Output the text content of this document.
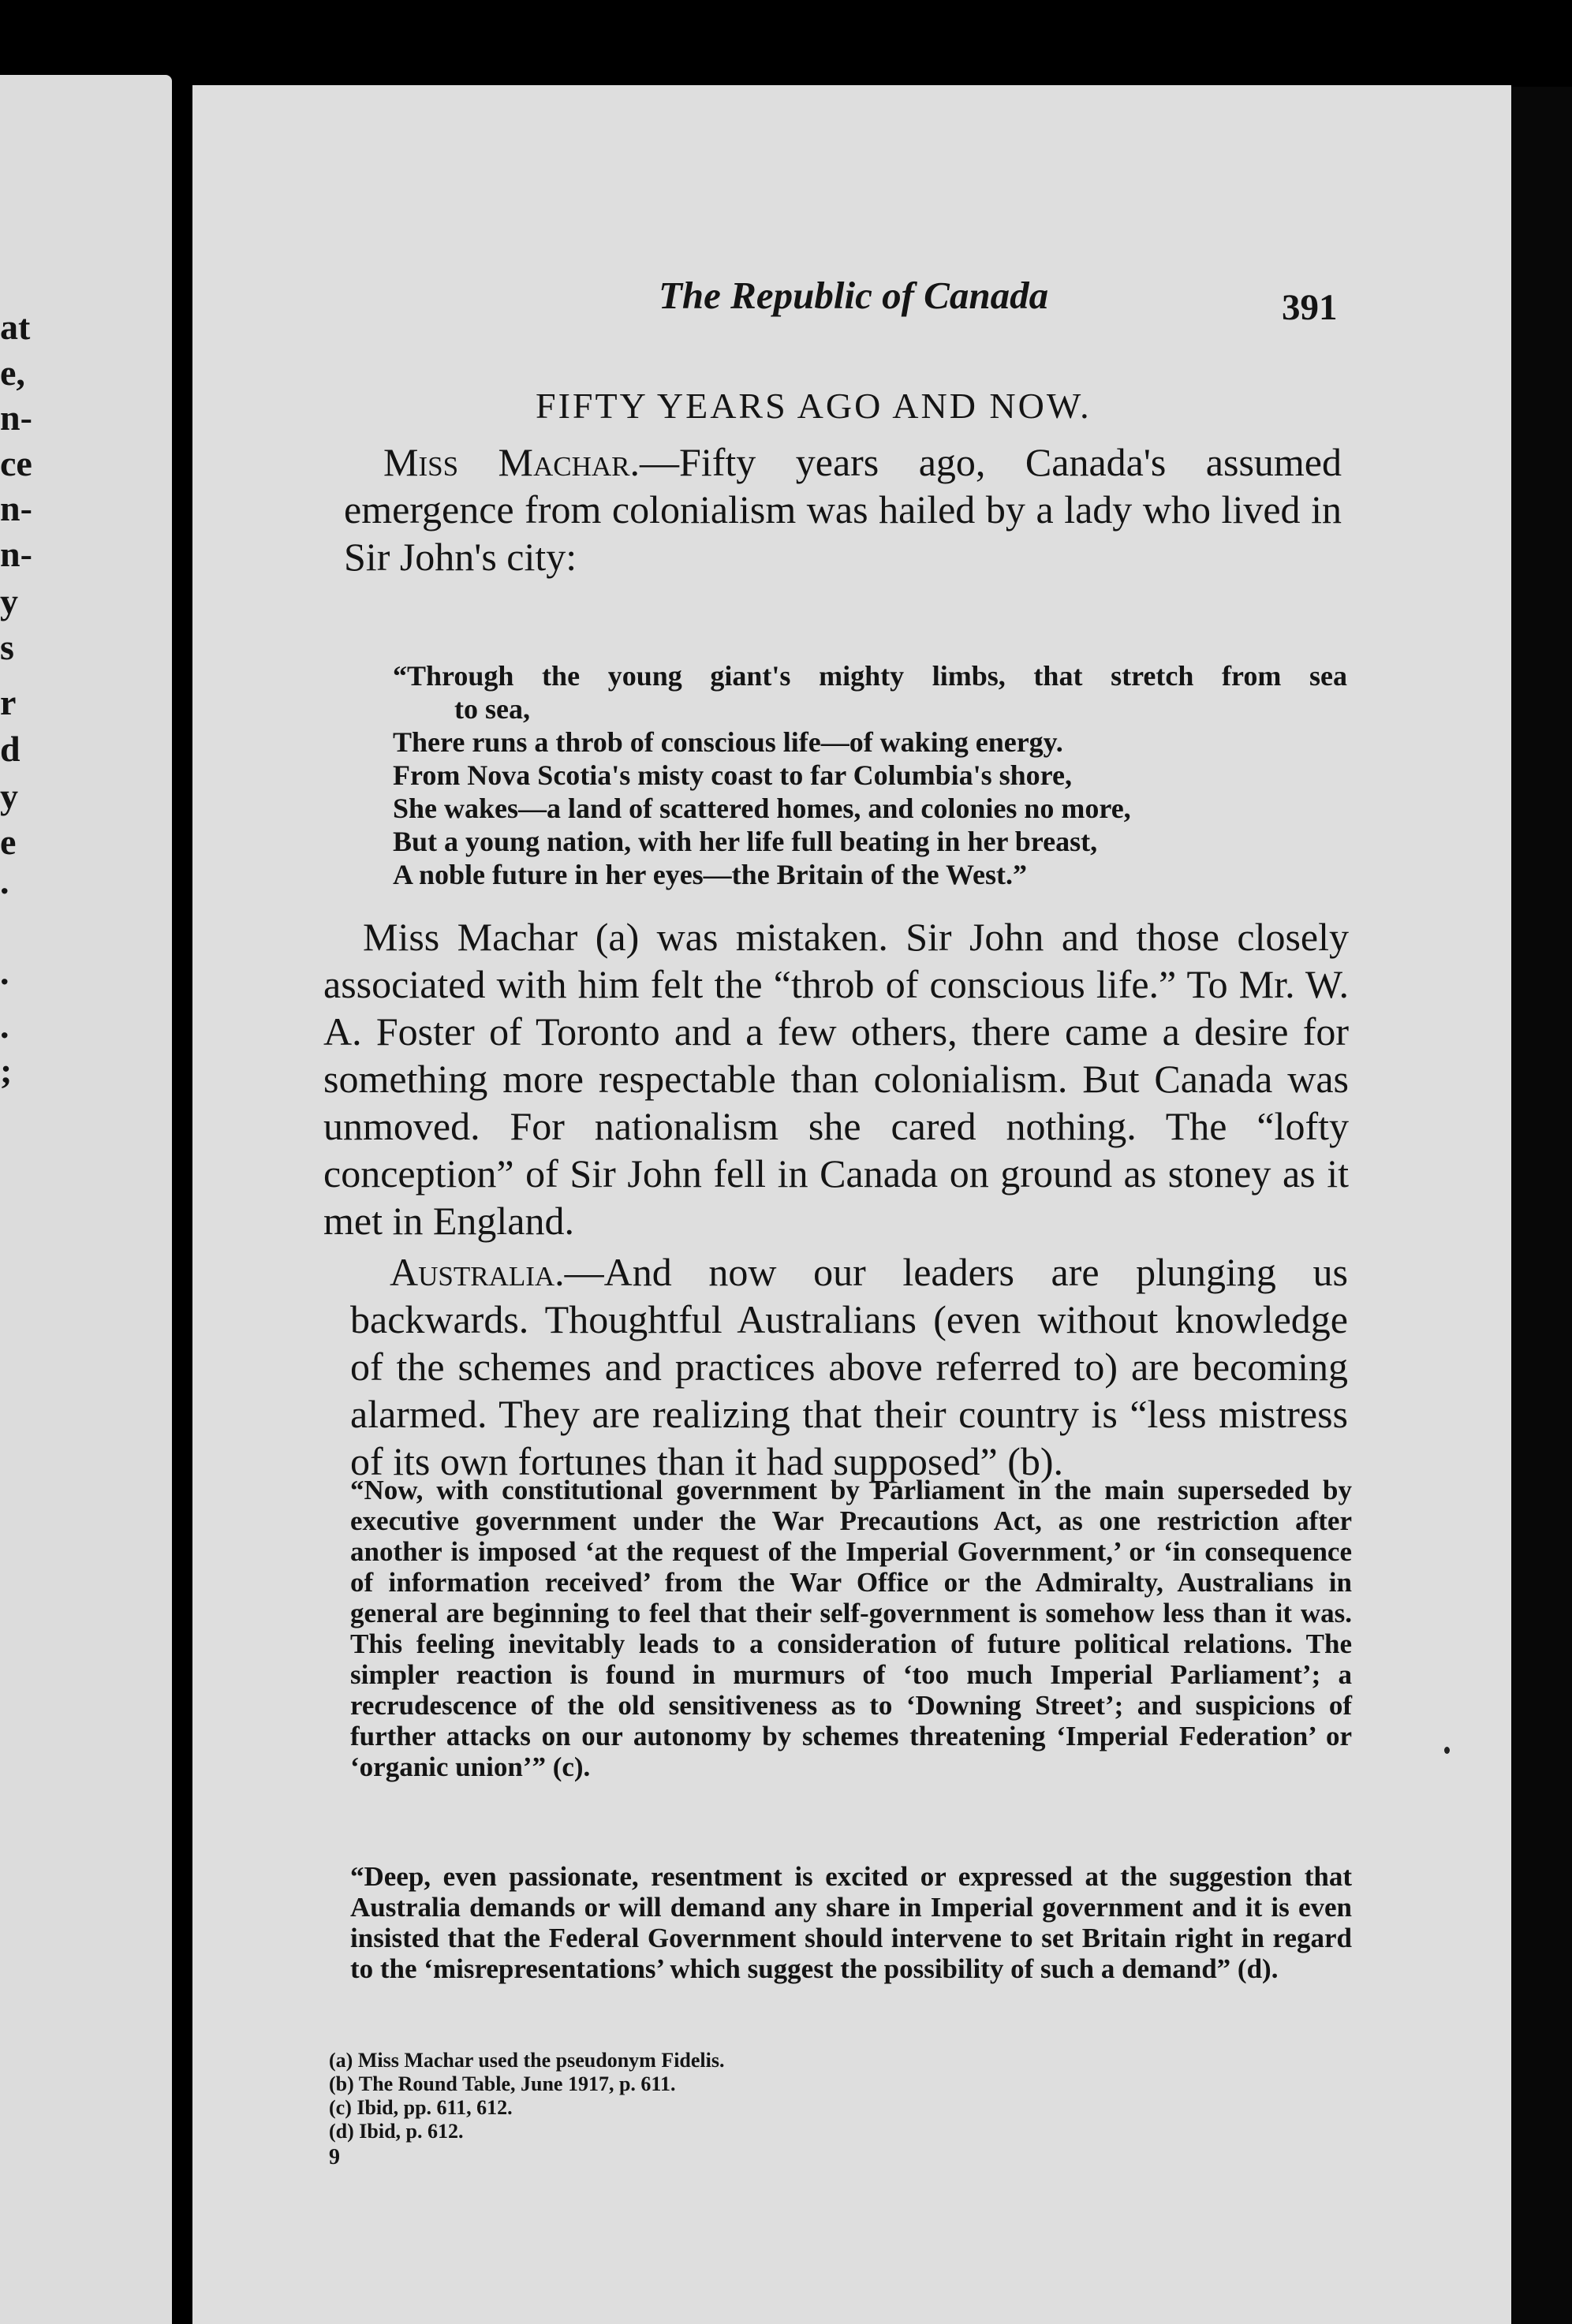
at
e,
n-
ce
n-
n-
y
s
r
d
y
e
.
.
.
;
The Republic of Canada	391
FIFTY YEARS AGO AND NOW.
Miss Machar.—Fifty years ago, Canada's assumed emergence from colonialism was hailed by a lady who lived in Sir John's city:
“Through the young giant's mighty limbs, that stretch from sea
to sea,
There runs a throb of conscious life—of waking energy.
From Nova Scotia's misty coast to far Columbia's shore,
She wakes—a land of scattered homes, and colonies no more,
But a young nation, with her life full beating in her breast,
A noble future in her eyes—the Britain of the West.”
Miss Machar (a) was mistaken. Sir John and those closely associated with him felt the “throb of conscious life.” To Mr. W. A. Foster of Toronto and a few others, there came a desire for something more respectable than colonialism. But Canada was unmoved. For nationalism she cared nothing. The “lofty conception” of Sir John fell in Canada on ground as stoney as it met in England.
Australia.—And now our leaders are plunging us backwards. Thoughtful Australians (even without knowledge of the schemes and practices above referred to) are becoming alarmed. They are realizing that their country is “less mistress of its own fortunes than it had supposed” (b).
“Now, with constitutional government by Parliament in the main superseded by executive government under the War Precautions Act, as one restriction after another is imposed ‘at the request of the Imperial Government,’ or ‘in consequence of information received’ from the War Office or the Admiralty, Australians in general are beginning to feel that their self-government is somehow less than it was. This feeling inevitably leads to a consideration of future political relations. The simpler reaction is found in murmurs of ‘too much Imperial Parliament’; a recrudescence of the old sensitiveness as to ‘Downing Street’; and suspicions of further attacks on our autonomy by schemes threatening ‘Imperial Federation’ or ‘organic union’” (c).
“Deep, even passionate, resentment is excited or expressed at the suggestion that Australia demands or will demand any share in Imperial government and it is even insisted that the Federal Government should intervene to set Britain right in regard to the ‘misrepresentations’ which suggest the possibility of such a demand” (d).
(a) Miss Machar used the pseudonym Fidelis.
(b) The Round Table, June 1917, p. 611.
(c) Ibid, pp. 611, 612.
(d) Ibid, p. 612.
9
